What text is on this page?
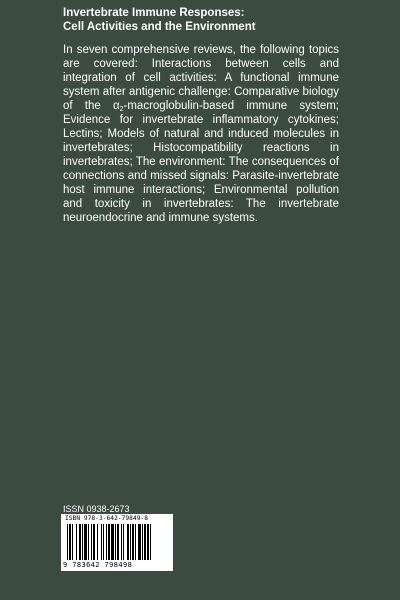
Invertebrate Immune Responses:
Cell Activities and the Environment
In seven comprehensive reviews, the following topics are covered: Interactions between cells and integration of cell activities: A functional immune system after antigenic challenge: Comparative biology of the $\alpha_2-macroglobulin$-based immune system; Evidence for invertebrate inflammatory cytokines; Lectins; Models of natural and induced molecules in invertebrates; Histocompatibility reactions in invertebrates; The environment: The consequences of connections and missed signals: Parasite-invertebrate host immune interactions; Environmental pollution and toxicity in invertebrates: The invertebrate neuroendocrine and immune systems.
ISSN 0938-2673
ISBN 978-3-642-79849-8
9 783642 798498
